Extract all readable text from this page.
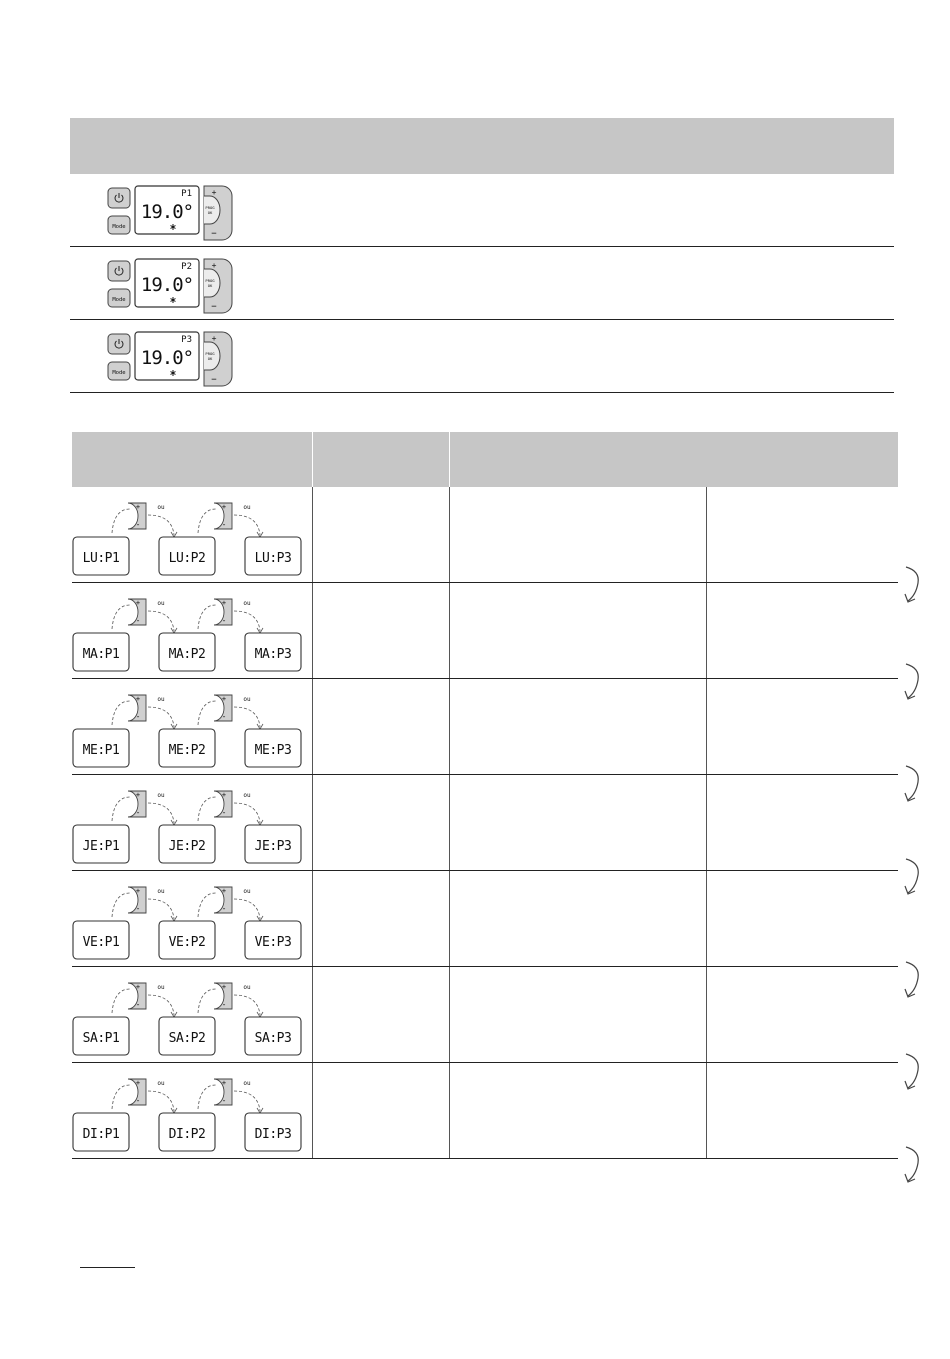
Mode
P1
19.0°
+
PROG
OK
−
Mode
P2
19.0°
+
PROG
OK
−
Mode
P3
19.0°
+
PROG
OK
−
+
-
ou	+
-
ou
LU:P1	LU:P2	LU:P3
+
-
ou	+
-
ou
MA:P1	MA:P2	MA:P3
+
-
ou	+
-
ou
ME:P1	ME:P2	ME:P3
+
-
ou	+
-
ou
JE:P1	JE:P2	JE:P3
+
-
ou	+
-
ou
VE:P1	VE:P2	VE:P3
+
-
ou	+
-
ou
SA:P1	SA:P2	SA:P3
+
-
ou	+
-
ou
DI:P1	DI:P2	DI:P3
